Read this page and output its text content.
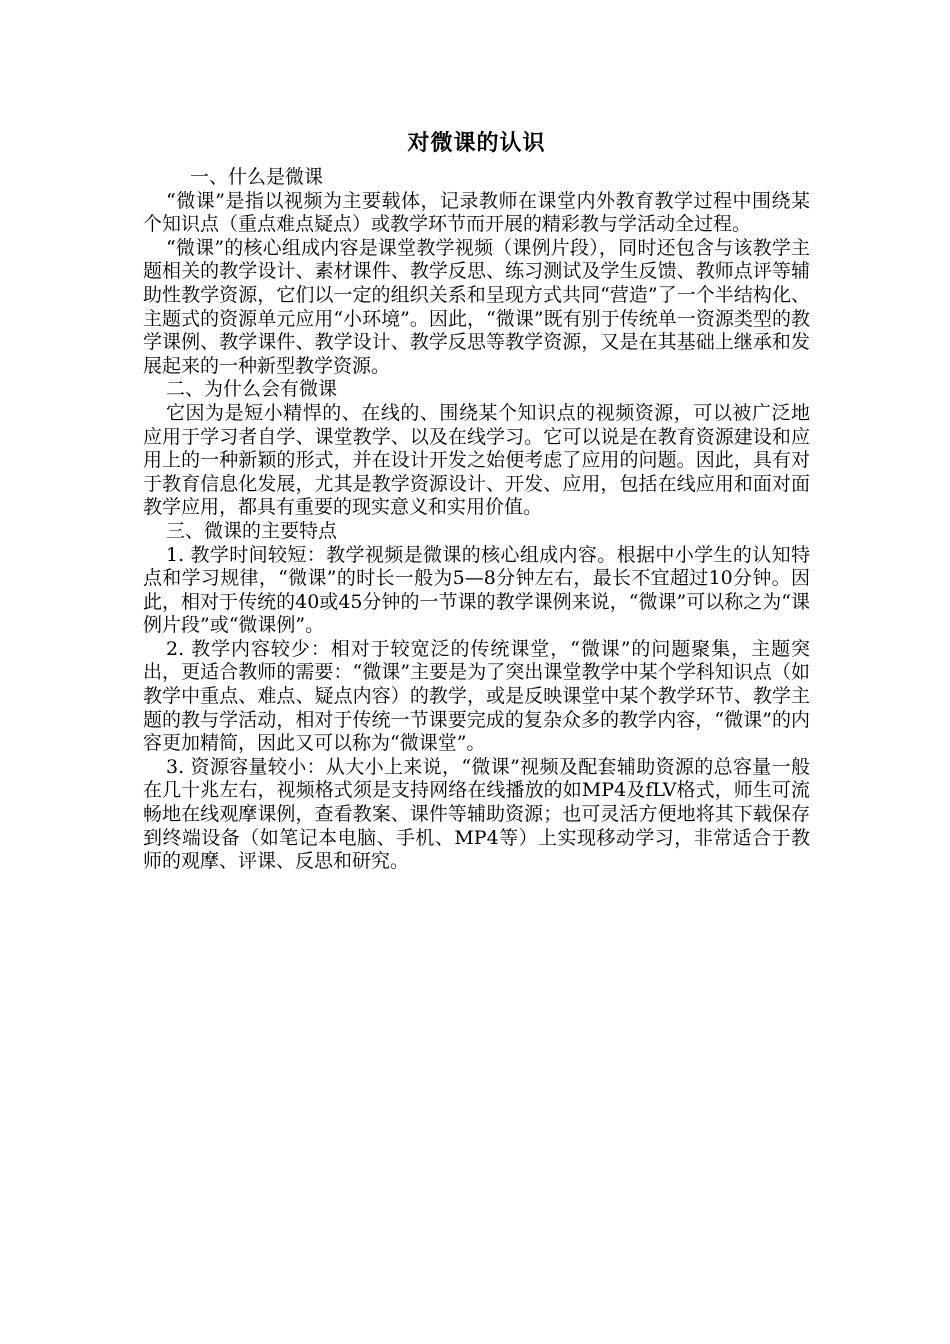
对微课的认识

一、什么是微课

“微课”是指以视频为主要载体，记录教师在课堂内外教育教学过程中围绕某个知识点（重点难点疑点）或教学环节而开展的精彩教与学活动全过程。

“微课”的核心组成内容是课堂教学视频（课例片段），同时还包含与该教学主题相关的教学设计、素材课件、教学反思、练习测试及学生反馈、教师点评等辅助性教学资源，它们以一定的组织关系和呈现方式共同“营造”了一个半结构化、主题式的资源单元应用“小环境”。因此，“微课”既有别于传统单一资源类型的教学课例、教学课件、教学设计、教学反思等教学资源，又是在其基础上继承和发展起来的一种新型教学资源。

二、为什么会有微课

它因为是短小精悍的、在线的、围绕某个知识点的视频资源，可以被广泛地应用于学习者自学、课堂教学、以及在线学习。它可以说是在教育资源建设和应用上的一种新颖的形式，并在设计开发之始便考虑了应用的问题。因此，具有对于教育信息化发展，尤其是教学资源设计、开发、应用，包括在线应用和面对面教学应用，都具有重要的现实意义和实用价值。

三、微课的主要特点

1. 教学时间较短：教学视频是微课的核心组成内容。根据中小学生的认知特点和学习规律，“微课”的时长一般为5—8分钟左右，最长不宜超过10分钟。因此，相对于传统的40或45分钟的一节课的教学课例来说，“微课”可以称之为“课例片段”或“微课例”。

2. 教学内容较少：相对于较宽泛的传统课堂，“微课”的问题聚集，主题突出，更适合教师的需要：“微课”主要是为了突出课堂教学中某个学科知识点（如教学中重点、难点、疑点内容）的教学，或是反映课堂中某个教学环节、教学主题的教与学活动，相对于传统一节课要完成的复杂众多的教学内容，“微课”的内容更加精简，因此又可以称为“微课堂”。

3. 资源容量较小：从大小上来说，“微课”视频及配套辅助资源的总容量一般在几十兆左右，视频格式须是支持网络在线播放的如MP4及fLV格式，师生可流畅地在线观摩课例，查看教案、课件等辅助资源；也可灵活方便地将其下载保存到终端设备（如笔记本电脑、手机、MP4等）上实现移动学习，非常适合于教师的观摩、评课、反思和研究。
